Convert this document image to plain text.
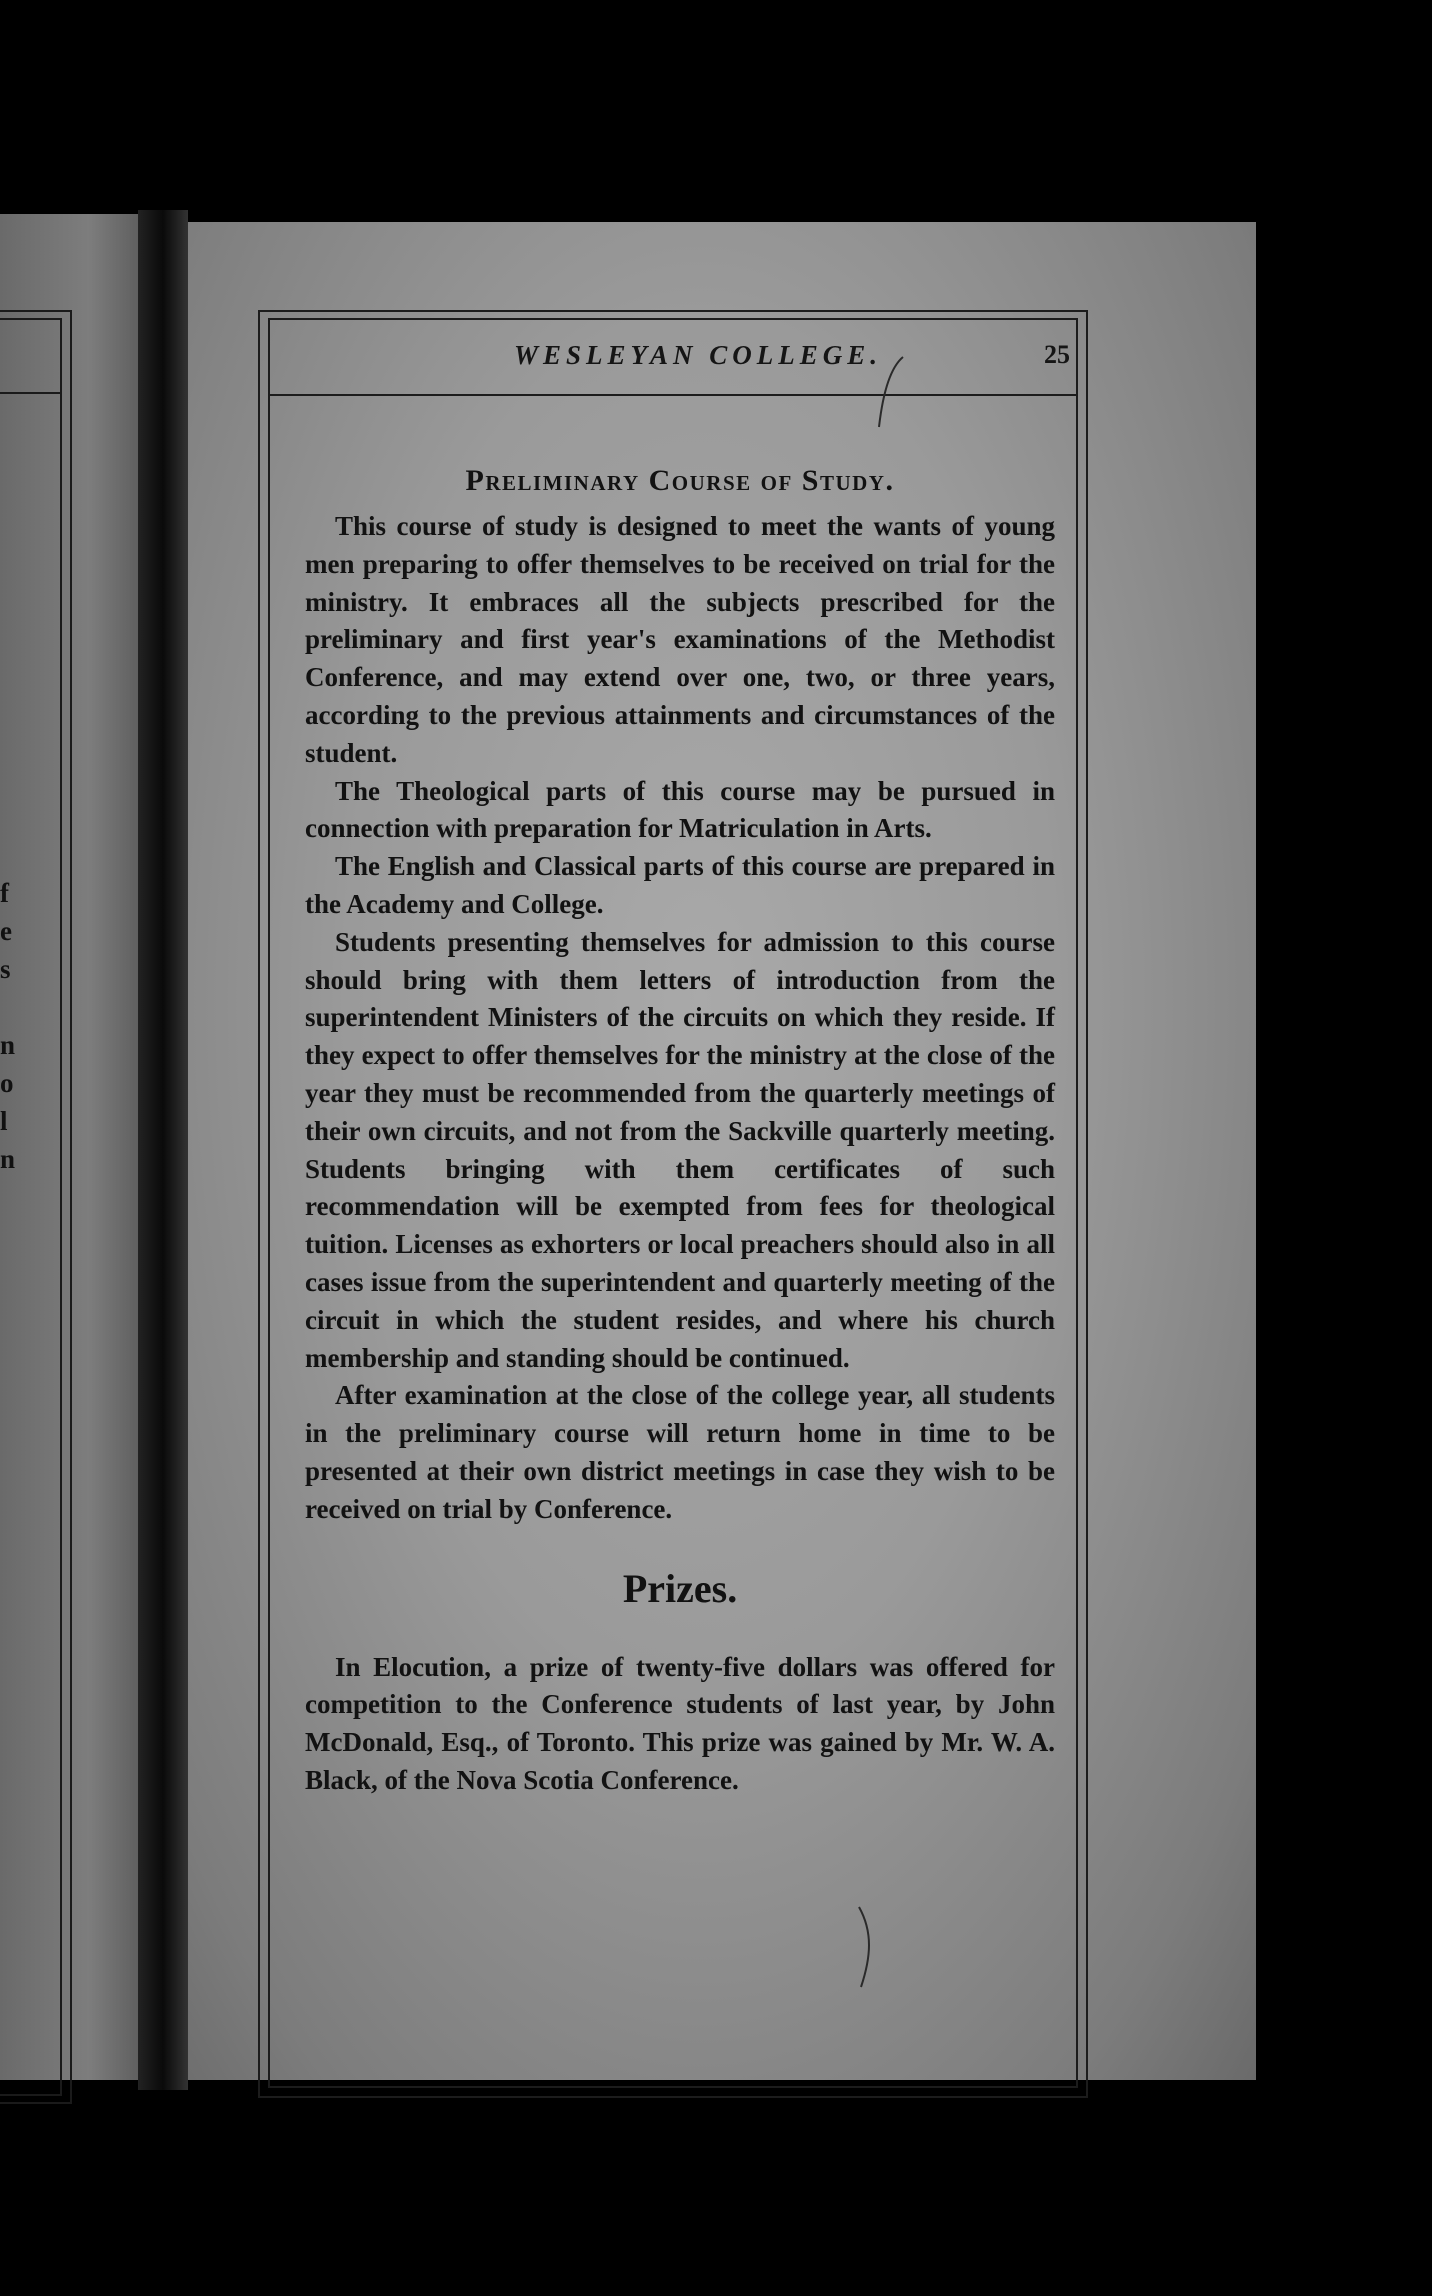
f
e
s
n
o
l
n
WESLEYAN COLLEGE.	25
Preliminary Course of Study.

This course of study is designed to meet the wants of young men preparing to offer themselves to be received on trial for the ministry. It embraces all the subjects prescribed for the preliminary and first year's examinations of the Methodist Conference, and may extend over one, two, or three years, according to the previous attainments and circumstances of the student.

The Theological parts of this course may be pursued in connection with preparation for Matriculation in Arts.

The English and Classical parts of this course are prepared in the Academy and College.

Students presenting themselves for admission to this course should bring with them letters of introduction from the superintendent Ministers of the circuits on which they reside. If they expect to offer themselves for the ministry at the close of the year they must be recommended from the quarterly meetings of their own circuits, and not from the Sackville quarterly meeting. Students bringing with them certificates of such recommendation will be exempted from fees for theological tuition. Licenses as exhorters or local preachers should also in all cases issue from the superintendent and quarterly meeting of the circuit in which the student resides, and where his church membership and standing should be continued.

After examination at the close of the college year, all students in the preliminary course will return home in time to be presented at their own district meetings in case they wish to be received on trial by Conference.

Prizes.

In Elocution, a prize of twenty-five dollars was offered for competition to the Conference students of last year, by John McDonald, Esq., of Toronto. This prize was gained by Mr. W. A. Black, of the Nova Scotia Conference.
